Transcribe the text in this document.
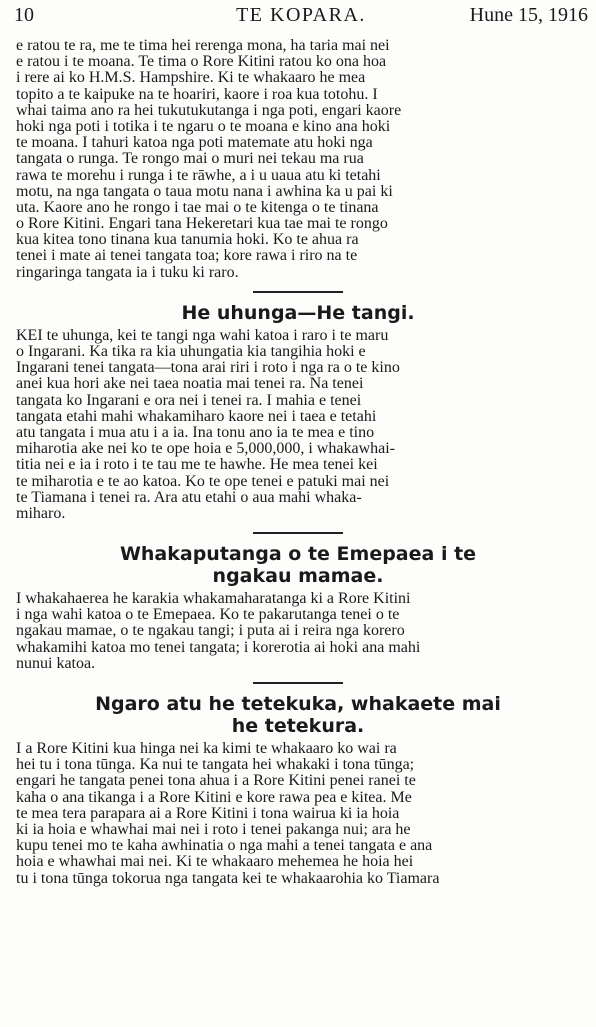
10	TE KOPARA.	Hune 15, 1916
e ratou te ra, me te tima hei rerenga mona, ha taria mai nei
e ratou i te moana. Te tima o Rore Kitini ratou ko ona hoa
i rere ai ko H.M.S. Hampshire. Ki te whakaaro he mea
topito a te kaipuke na te hoariri, kaore i roa kua totohu. I
whai taima ano ra hei tukutukutanga i nga poti, engari kaore
hoki nga poti i totika i te ngaru o te moana e kino ana hoki
te moana. I tahuri katoa nga poti matemate atu hoki nga
tangata o runga. Te rongo mai o muri nei tekau ma rua
rawa te morehu i runga i te rāwhe, a i u uaua atu ki tetahi
motu, na nga tangata o taua motu nana i awhina ka u pai ki
uta. Kaore ano he rongo i tae mai o te kitenga o te tinana
o Rore Kitini. Engari tana Hekeretari kua tae mai te rongo
kua kitea tono tinana kua tanumia hoki. Ko te ahua ra
tenei i mate ai tenei tangata toa; kore rawa i riro na te
ringaringa tangata ia i tuku ki raro.
He uhunga—He tangi.
KEI te uhunga, kei te tangi nga wahi katoa i raro i te maru
o Ingarani. Ka tika ra kia uhungatia kia tangihia hoki e
Ingarani tenei tangata—tona arai riri i roto i nga ra o te kino
anei kua hori ake nei taea noatia mai tenei ra. Na tenei
tangata ko Ingarani e ora nei i tenei ra. I mahia e tenei
tangata etahi mahi whakamiharo kaore nei i taea e tetahi
atu tangata i mua atu i a ia. Ina tonu ano ia te mea e tino
miharotia ake nei ko te ope hoia e 5,000,000, i whakawhai-
titia nei e ia i roto i te tau me te hawhe. He mea tenei kei
te miharotia e te ao katoa. Ko te ope tenei e patuki mai nei
te Tiamana i tenei ra. Ara atu etahi o aua mahi whaka-
miharo.
Whakaputanga o te Emepaea i te
ngakau mamae.
I whakahaerea he karakia whakamaharatanga ki a Rore Kitini
i nga wahi katoa o te Emepaea. Ko te pakarutanga tenei o te
ngakau mamae, o te ngakau tangi; i puta ai i reira nga korero
whakamihi katoa mo tenei tangata; i korerotia ai hoki ana mahi
nunui katoa.
Ngaro atu he tetekuka, whakaete mai
he tetekura.
I a Rore Kitini kua hinga nei ka kimi te whakaaro ko wai ra
hei tu i tona tūnga. Ka nui te tangata hei whakaki i tona tūnga;
engari he tangata penei tona ahua i a Rore Kitini penei ranei te
kaha o ana tikanga i a Rore Kitini e kore rawa pea e kitea. Me
te mea tera parapara ai a Rore Kitini i tona wairua ki ia hoia
ki ia hoia e whawhai mai nei i roto i tenei pakanga nui; ara he
kupu tenei mo te kaha awhinatia o nga mahi a tenei tangata e ana
hoia e whawhai mai nei. Ki te whakaaro mehemea he hoia hei
tu i tona tūnga tokorua nga tangata kei te whakaarohia ko Tiamara
